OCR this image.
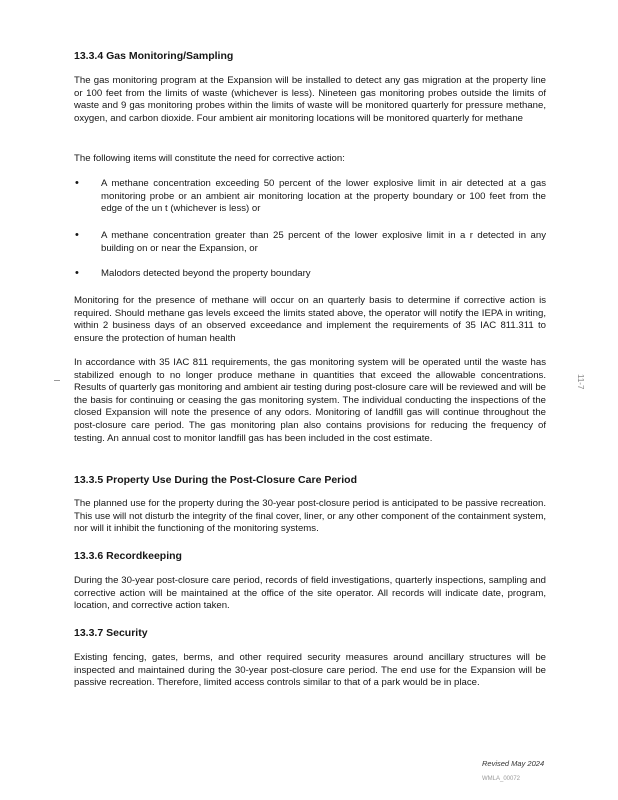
13.3.4 Gas Monitoring/Sampling

The gas monitoring program at the Expansion will be installed to detect any gas migration at the property line or 100 feet from the limits of waste (whichever is less). Nineteen gas monitoring probes outside the limits of waste and 9 gas monitoring probes within the limits of waste will be monitored quarterly for pressure methane, oxygen, and carbon dioxide. Four ambient air monitoring locations will be monitored quarterly for methane

The following items will constitute the need for corrective action:

• A methane concentration exceeding 50 percent of the lower explosive limit in air detected at a gas monitoring probe or an ambient air monitoring location at the property boundary or 100 feet from the edge of the un t (whichever is less) or

• A methane concentration greater than 25 percent of the lower explosive limit in a r detected in any building on or near the Expansion, or

• Malodors detected beyond the property boundary

Monitoring for the presence of methane will occur on an quarterly basis to determine if corrective action is required. Should methane gas levels exceed the limits stated above, the operator will notify the IEPA in writing, within 2 business days of an observed exceedance and implement the requirements of 35 IAC 811.311 to ensure the protection of human health

In accordance with 35 IAC 811 requirements, the gas monitoring system will be operated until the waste has stabilized enough to no longer produce methane in quantities that exceed the allowable concentrations. Results of quarterly gas monitoring and ambient air testing during post-closure care will be reviewed and will be the basis for continuing or ceasing the gas monitoring system. The individual conducting the inspections of the closed Expansion will note the presence of any odors. Monitoring of landfill gas will continue throughout the post-closure care period. The gas monitoring plan also contains provisions for reducing the frequency of testing. An annual cost to monitor landfill gas has been included in the cost estimate.

11-7
13.3.5 Property Use During the Post-Closure Care Period

The planned use for the property during the 30-year post-closure period is anticipated to be passive recreation. This use will not disturb the integrity of the final cover, liner, or any other component of the containment system, nor will it inhibit the functioning of the monitoring systems.

13.3.6 Recordkeeping

During the 30-year post-closure care period, records of field investigations, quarterly inspections, sampling and corrective action will be maintained at the office of the site operator. All records will indicate date, program, location, and corrective action taken.

13.3.7 Security

Existing fencing, gates, berms, and other required security measures around ancillary structures will be inspected and maintained during the 30-year post-closure care period. The end use for the Expansion will be passive recreation. Therefore, limited access controls similar to that of a park would be in place.

Revised May 2024
WMLA_00072
